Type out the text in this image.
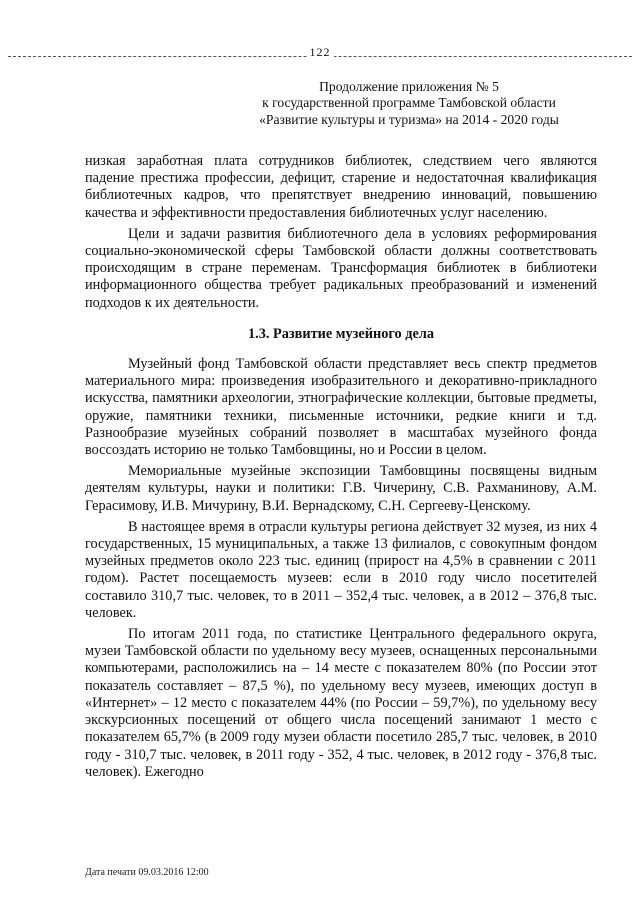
122
Продолжение приложения № 5
к государственной программе Тамбовской области
«Развитие культуры и туризма» на 2014 - 2020 годы

низкая заработная плата сотрудников библиотек, следствием чего являются падение престижа профессии, дефицит, старение и недостаточная квалификация библиотечных кадров, что препятствует внедрению инноваций, повышению качества и эффективности предоставления библиотечных услуг населению.

Цели и задачи развития библиотечного дела в условиях реформирования социально-экономической сферы Тамбовской области должны соответствовать происходящим в стране переменам. Трансформация библиотек в библиотеки информационного общества требует радикальных преобразований и изменений подходов к их деятельности.

1.3. Развитие музейного дела

Музейный фонд Тамбовской области представляет весь спектр предметов материального мира: произведения изобразительного и декоративно-прикладного искусства, памятники археологии, этнографические коллекции, бытовые предметы, оружие, памятники техники, письменные источники, редкие книги и т.д. Разнообразие музейных собраний позволяет в масштабах музейного фонда воссоздать историю не только Тамбовщины, но и России в целом.

Мемориальные музейные экспозиции Тамбовщины посвящены видным деятелям культуры, науки и политики: Г.В. Чичерину, С.В. Рахманинову, А.М. Герасимову, И.В. Мичурину, В.И. Вернадскому, С.Н. Сергееву-Ценскому.

В настоящее время в отрасли культуры региона действует 32 музея, из них 4 государственных, 15 муниципальных, а также 13 филиалов, с совокупным фондом музейных предметов около 223 тыс. единиц (прирост на 4,5% в сравнении с 2011 годом). Растет посещаемость музеев: если в 2010 году число посетителей составило 310,7 тыс. человек, то в 2011 – 352,4 тыс. человек, а в 2012 – 376,8 тыс. человек.

По итогам 2011 года, по статистике Центрального федерального округа, музеи Тамбовской области по удельному весу музеев, оснащенных персональными компьютерами, расположились на – 14 месте с показателем 80% (по России этот показатель составляет – 87,5 %), по удельному весу музеев, имеющих доступ в «Интернет» – 12 место с показателем 44% (по России – 59,7%), по удельному весу экскурсионных посещений от общего числа посещений занимают 1 место с показателем 65,7% (в 2009 году музеи области посетило 285,7 тыс. человек, в 2010 году - 310,7 тыс. человек, в 2011 году - 352, 4 тыс. человек, в 2012 году - 376,8 тыс. человек). Ежегодно

Дата печати 09.03.2016 12:00
